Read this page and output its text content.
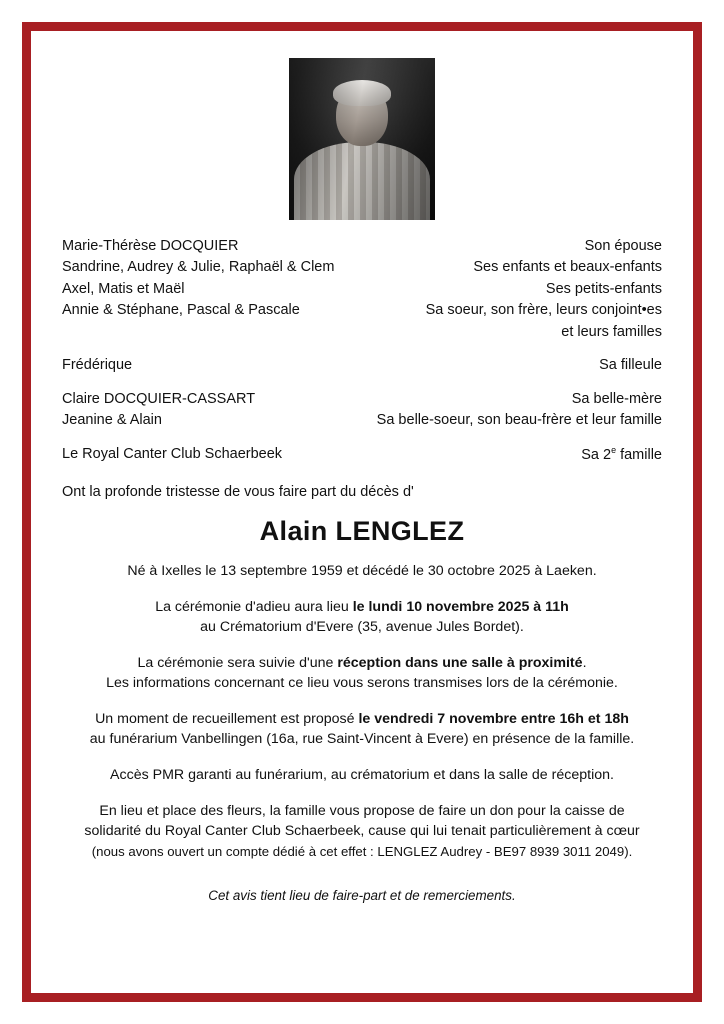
Marie-Thérèse DOCQUIER	Son épouse
Sandrine, Audrey & Julie, Raphaël & Clem	Ses enfants et beaux-enfants
Axel, Matis et Maël	Ses petits-enfants
Annie & Stéphane, Pascal & Pascale	Sa soeur, son frère, leurs conjoint•es
et leurs familles
Frédérique	Sa filleule
Claire DOCQUIER-CASSART	Sa belle-mère
Jeanine & Alain	Sa belle-soeur, son beau-frère et leur famille
Le Royal Canter Club Schaerbeek	Sa 2e famille
Ont la profonde tristesse de vous faire part du décès d'
Alain LENGLEZ
Né à Ixelles le 13 septembre 1959 et décédé le 30 octobre 2025 à Laeken.
La cérémonie d'adieu aura lieu le lundi 10 novembre 2025 à 11h
au Crématorium d'Evere (35, avenue Jules Bordet).
La cérémonie sera suivie d'une réception dans une salle à proximité.
Les informations concernant ce lieu vous serons transmises lors de la cérémonie.
Un moment de recueillement est proposé le vendredi 7 novembre entre 16h et 18h
au funérarium Vanbellingen (16a, rue Saint-Vincent à Evere) en présence de la famille.
Accès PMR garanti au funérarium, au crématorium et dans la salle de réception.
En lieu et place des fleurs, la famille vous propose de faire un don pour la caisse de
solidarité du Royal Canter Club Schaerbeek, cause qui lui tenait particulièrement à cœur
(nous avons ouvert un compte dédié à cet effet : LENGLEZ Audrey - BE97 8939 3011 2049).
Cet avis tient lieu de faire-part et de remerciements.
